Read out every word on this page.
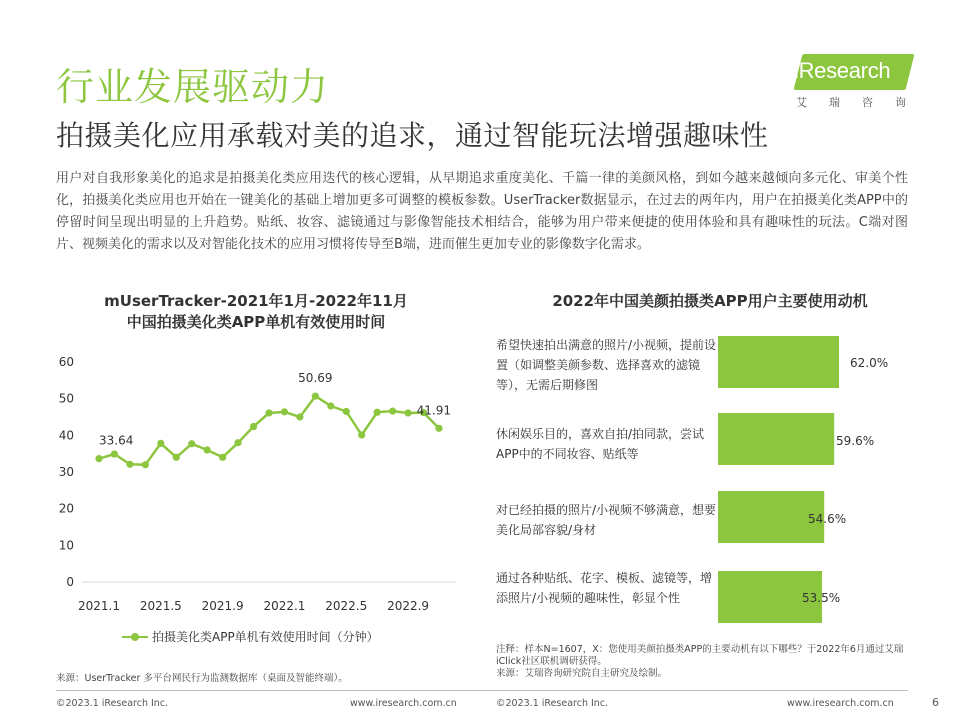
行业发展驱动力
拍摄美化应用承载对美的追求，通过智能玩法增强趣味性
iResearch
艾 瑞 咨 询
用户对自我形象美化的追求是拍摄美化类应用迭代的核心逻辑，从早期追求重度美化、千篇一律的美颜风格，到如今越来越倾向多元化、审美个性化，拍摄美化类应用也开始在一键美化的基础上增加更多可调整的模板参数。UserTracker数据显示，在过去的两年内，用户在拍摄美化类APP中的停留时间呈现出明显的上升趋势。贴纸、妆容、滤镜通过与影像智能技术相结合，能够为用户带来便捷的使用体验和具有趣味性的玩法。C端对图片、视频美化的需求以及对智能化技术的应用习惯将传导至B端，进而催生更加专业的影像数字化需求。
mUserTracker-2021年1月-2022年11月
中国拍摄美化类APP单机有效使用时间
0
10
20
30
40
50
60
2021.1 2021.5 2021.9 2022.1 2022.5 2022.9
33.64
50.69
41.91
拍摄美化类APP单机有效使用时间（分钟）
来源：UserTracker 多平台网民行为监测数据库（桌面及智能终端）。
2022年中国美颜拍摄类APP用户主要使用动机
希望快速拍出满意的照片/小视频，提前设置（如调整美颜参数、选择喜欢的滤镜等），无需后期修图
休闲娱乐目的，喜欢自拍/拍同款，尝试APP中的不同妆容、贴纸等
对已经拍摄的照片/小视频不够满意，想要美化局部容貌/身材
通过各种贴纸、花字、模板、滤镜等，增添照片/小视频的趣味性，彰显个性
62.0%
59.6%
54.6%
53.5%
注释：样本N=1607，X：您使用美颜拍摄类APP的主要动机有以下哪些？于2022年6月通过艾瑞iClick社区联机调研获得。
来源：艾瑞咨询研究院自主研究及绘制。
©2023.1 iResearch Inc.	www.iresearch.com.cn	©2023.1 iResearch Inc.	www.iresearch.com.cn	6
